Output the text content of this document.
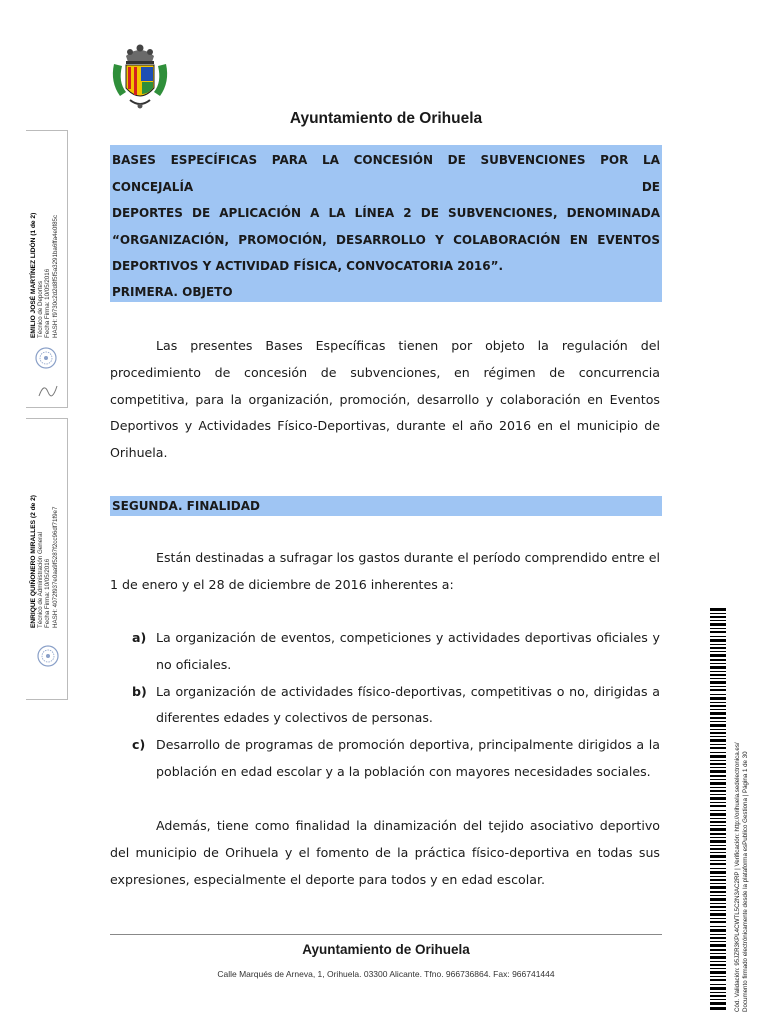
Ayuntamiento de Orihuela
BASES ESPECÍFICAS PARA LA CONCESIÓN DE SUBVENCIONES POR LA CONCEJALÍA DE
DEPORTES DE APLICACIÓN A LA LÍNEA 2 DE SUBVENCIONES, DENOMINADA
“ORGANIZACIÓN, PROMOCIÓN, DESARROLLO Y COLABORACIÓN EN EVENTOS
DEPORTIVOS Y ACTIVIDAD FÍSICA, CONVOCATORIA 2016”.
PRIMERA. OBJETO
Las presentes Bases Específicas tienen por objeto la regulación del
procedimiento de concesión de subvenciones, en régimen de concurrencia
competitiva, para la organización, promoción, desarrollo y colaboración en Eventos
Deportivos y Actividades Físico-Deportivas, durante el año 2016 en el municipio de
Orihuela.
SEGUNDA. FINALIDAD
Están destinadas a sufragar los gastos durante el período comprendido entre el
1 de enero y el 28 de diciembre de 2016 inherentes a:
a) La organización de eventos, competiciones y actividades deportivas oficiales y
no oficiales.
b) La organización de actividades físico-deportivas, competitivas o no, dirigidas a
diferentes edades y colectivos de personas.
c) Desarrollo de programas de promoción deportiva, principalmente dirigidos a la
población en edad escolar y a la población con mayores necesidades sociales.
Además, tiene como finalidad la dinamización del tejido asociativo deportivo
del municipio de Orihuela y el fomento de la práctica físico-deportiva en todas sus
expresiones, especialmente el deporte para todos y en edad escolar.
Ayuntamiento de Orihuela
Calle Marqués de Arneva, 1, Orihuela. 03300 Alicante. Tfno. 966736864. Fax: 966741444
EMILIO JOSÉ MARTÍNEZ LIDÓN (1 de 2)
Técnico de Deportes
Fecha Firma: 10/05/2016
HASH: f9730c2d2d8f5f5a3291ba6ffa4e0f85c
ENRIQUE QUIÑONERO MIRALLES (2 de 2)
Técnico de Administración General
Fecha Firma: 10/05/2016
HASH: 4072f937e0aa9f5287f2cc96df71f9e7
Cód. Validación: 95JZR3KPL4CWTL5C2N3AC2RP | Verificación: http://orihuela.sedelectronica.es/
Documento firmado electrónicamente desde la plataforma esPublico Gestiona | Página 1 de 30
